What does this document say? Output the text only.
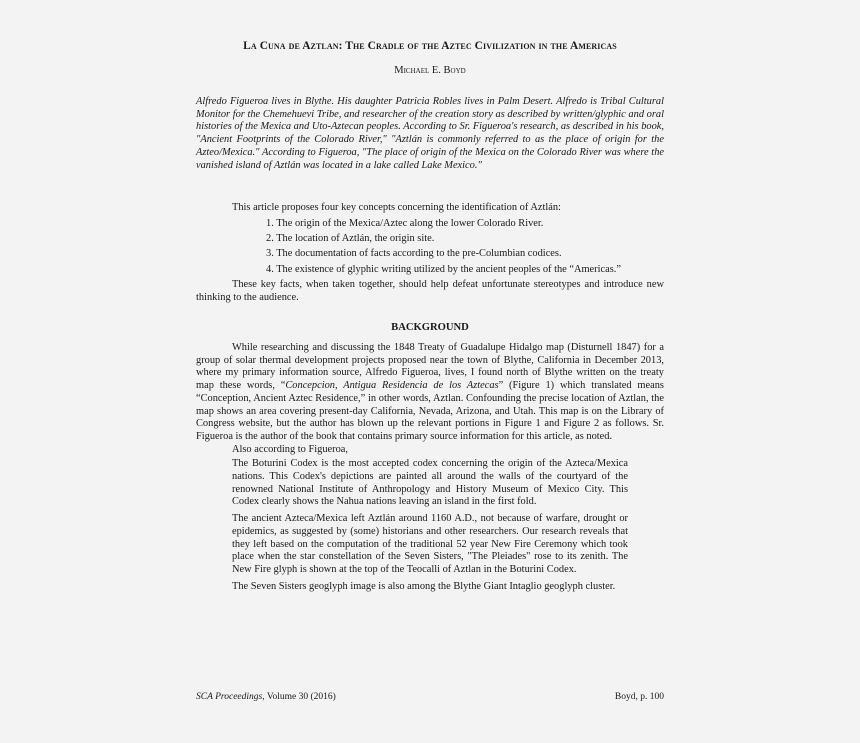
La Cuna de Aztlan: The Cradle of the Aztec Civilization in the Americas
Michael E. Boyd
Alfredo Figueroa lives in Blythe. His daughter Patricia Robles lives in Palm Desert. Alfredo is Tribal Cultural Monitor for the Chemehuevi Tribe, and researcher of the creation story as described by written/glyphic and oral histories of the Mexica and Uto-Aztecan peoples. According to Sr. Figueroa's research, as described in his book, "Ancient Footprints of the Colorado River," "Aztlán is commonly referred to as the place of origin for the Azteo/Mexica." According to Figueroa, "The place of origin of the Mexica on the Colorado River was where the vanished island of Aztlán was located in a lake called Lake Mexico."

This article proposes four key concepts concerning the identification of Aztlán:

1. The origin of the Mexica/Aztec along the lower Colorado River.
2. The location of Aztlán, the origin site.
3. The documentation of facts according to the pre-Columbian codices.
4. The existence of glyphic writing utilized by the ancient peoples of the “Americas.”

These key facts, when taken together, should help defeat unfortunate stereotypes and introduce new thinking to the audience.

BACKGROUND

While researching and discussing the 1848 Treaty of Guadalupe Hidalgo map (Disturnell 1847) for a group of solar thermal development projects proposed near the town of Blythe, California in December 2013, where my primary information source, Alfredo Figueroa, lives, I found north of Blythe written on the treaty map these words, “Concepcion, Antigua Residencia de los Aztecas” (Figure 1) which translated means “Conception, Ancient Aztec Residence,” in other words, Aztlan. Confounding the precise location of Aztlan, the map shows an area covering present-day California, Nevada, Arizona, and Utah. This map is on the Library of Congress website, but the author has blown up the relevant portions in Figure 1 and Figure 2 as follows. Sr. Figueroa is the author of the book that contains primary source information for this article, as noted.

Also according to Figueroa,

The Boturini Codex is the most accepted codex concerning the origin of the Azteca/Mexica nations. This Codex's depictions are painted all around the walls of the courtyard of the renowned National Institute of Anthropology and History Museum of Mexico City. This Codex clearly shows the Nahua nations leaving an island in the first fold.

The ancient Azteca/Mexica left Aztlán around 1160 A.D., not because of warfare, drought or epidemics, as suggested by (some) historians and other researchers. Our research reveals that they left based on the computation of the traditional 52 year New Fire Ceremony which took place when the star constellation of the Seven Sisters, "The Pleiades" rose to its zenith. The New Fire glyph is shown at the top of the Teocalli of Aztlan in the Boturini Codex.

The Seven Sisters geoglyph image is also among the Blythe Giant Intaglio geoglyph cluster.

SCA Proceedings, Volume 30 (2016)	Boyd, p. 100
